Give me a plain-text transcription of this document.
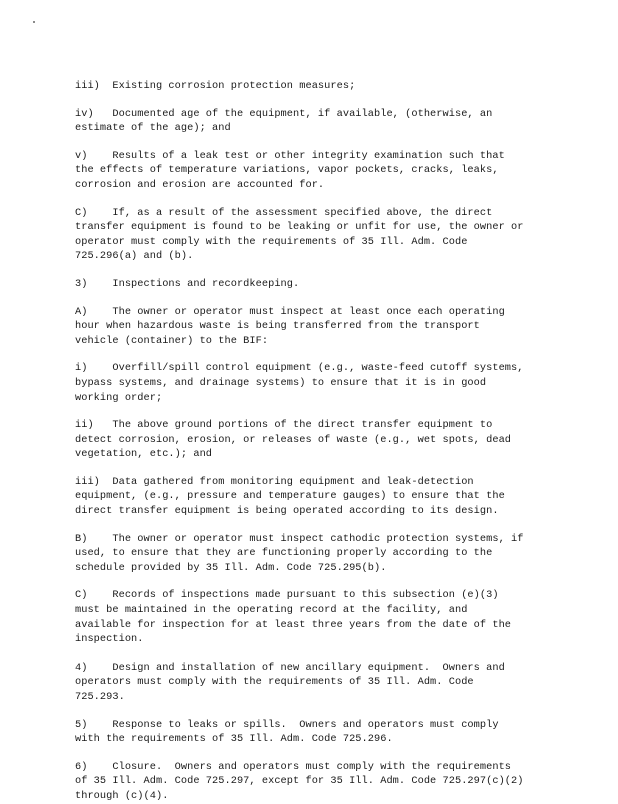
iii)  Existing corrosion protection measures;

iv)   Documented age of the equipment, if available, (otherwise, an
estimate of the age); and

v)    Results of a leak test or other integrity examination such that
the effects of temperature variations, vapor pockets, cracks, leaks,
corrosion and erosion are accounted for.

C)    If, as a result of the assessment specified above, the direct
transfer equipment is found to be leaking or unfit for use, the owner or
operator must comply with the requirements of 35 Ill. Adm. Code
725.296(a) and (b).

3)    Inspections and recordkeeping.

A)    The owner or operator must inspect at least once each operating
hour when hazardous waste is being transferred from the transport
vehicle (container) to the BIF:

i)    Overfill/spill control equipment (e.g., waste-feed cutoff systems,
bypass systems, and drainage systems) to ensure that it is in good
working order;

ii)   The above ground portions of the direct transfer equipment to
detect corrosion, erosion, or releases of waste (e.g., wet spots, dead
vegetation, etc.); and

iii)  Data gathered from monitoring equipment and leak-detection
equipment, (e.g., pressure and temperature gauges) to ensure that the
direct transfer equipment is being operated according to its design.

B)    The owner or operator must inspect cathodic protection systems, if
used, to ensure that they are functioning properly according to the
schedule provided by 35 Ill. Adm. Code 725.295(b).

C)    Records of inspections made pursuant to this subsection (e)(3)
must be maintained in the operating record at the facility, and
available for inspection for at least three years from the date of the
inspection.

4)    Design and installation of new ancillary equipment.  Owners and
operators must comply with the requirements of 35 Ill. Adm. Code
725.293.

5)    Response to leaks or spills.  Owners and operators must comply
with the requirements of 35 Ill. Adm. Code 725.296.

6)    Closure.  Owners and operators must comply with the requirements
of 35 Ill. Adm. Code 725.297, except for 35 Ill. Adm. Code 725.297(c)(2)
through (c)(4).
